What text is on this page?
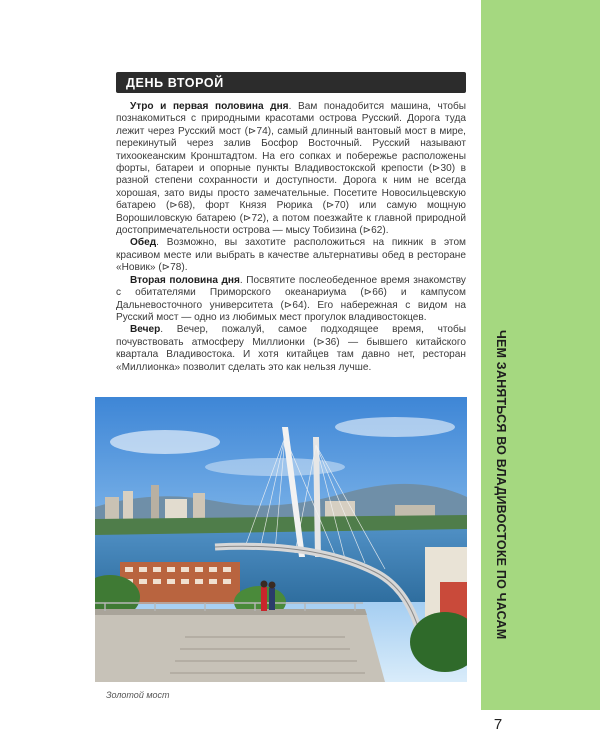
ЧЕМ ЗАНЯТЬСЯ ВО ВЛАДИВОСТОКЕ ПО ЧАСАМ
ДЕНЬ ВТОРОЙ

Утро и первая половина дня. Вам понадобится машина, чтобы познакомиться с природными красотами острова Русский. Дорога туда лежит через Русский мост (⊳74), самый длинный вантовый мост в мире, перекинутый через залив Босфор Восточный. Русский называют тихоокеанским Кронштадтом. На его сопках и побережье расположены форты, батареи и опорные пункты Владивостокской крепости (⊳30) в разной степени сохранности и доступности. Дорога к ним не всегда хорошая, зато виды просто замечательные. Посетите Новосильцевскую батарею (⊳68), форт Князя Рюрика (⊳70) или самую мощную Ворошиловскую батарею (⊳72), а потом поезжайте к главной природной достопримечательности острова — мысу Тобизина (⊳62).

Обед. Возможно, вы захотите расположиться на пикник в этом красивом месте или выбрать в качестве альтернативы обед в ресторане «Новик» (⊳78).

Вторая половина дня. Посвятите послеобеденное время знакомству с обитателями Приморского океанариума (⊳66) и кампусом Дальневосточного университета (⊳64). Его набережная с видом на Русский мост — одно из любимых мест прогулок владивостокцев.

Вечер. Вечер, пожалуй, самое подходящее время, чтобы почувствовать атмосферу Миллионки (⊳36) — бывшего китайского квартала Владивостока. И хотя китайцев там давно нет, ресторан «Миллионка» позволит сделать это как нельзя лучше.

Золотой мост
7
